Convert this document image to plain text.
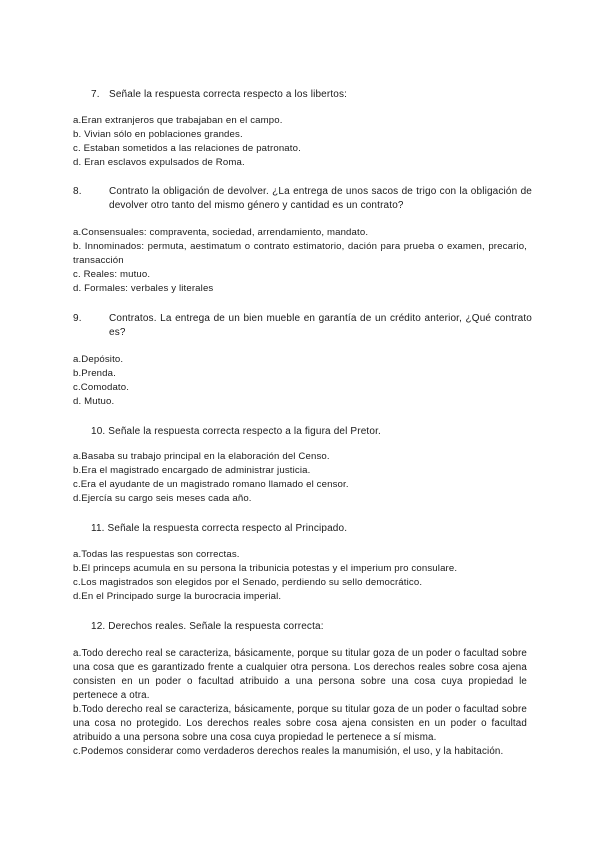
7. Señale la respuesta correcta respecto a los libertos:

a.Eran extranjeros que trabajaban en el campo.
b. Vivian sólo en poblaciones grandes.
c. Estaban sometidos a las relaciones de patronato.
d. Eran esclavos expulsados de Roma.

8.	Contrato la obligación de devolver. ¿La entrega de unos sacos de trigo con la obligación de devolver otro tanto del mismo género y cantidad es un contrato?

a.Consensuales: compraventa, sociedad, arrendamiento, mandato.
b. Innominados: permuta, aestimatum o contrato estimatorio, dación para prueba o examen, precario, transacción
c. Reales: mutuo.
d. Formales: verbales y literales

9.	Contratos. La entrega de un bien mueble en garantía de un crédito anterior, ¿Qué contrato es?

a.Depósito.
b.Prenda.
c.Comodato.
d. Mutuo.

10. Señale la respuesta correcta respecto a la figura del Pretor.

a.Basaba su trabajo principal en la elaboración del Censo.
b.Era el magistrado encargado de administrar justicia.
c.Era el ayudante de un magistrado romano llamado el censor.
d.Ejercía su cargo seis meses cada año.

11. Señale la respuesta correcta respecto al Principado.

a.Todas las respuestas son correctas.
b.El princeps acumula en su persona la tribunicia potestas y el imperium pro consulare.
c.Los magistrados son elegidos por el Senado, perdiendo su sello democrático.
d.En el Principado surge la burocracia imperial.

12. Derechos reales. Señale la respuesta correcta:

a.Todo derecho real se caracteriza, básicamente, porque su titular goza de un poder o facultad sobre una cosa que es garantizado frente a cualquier otra persona. Los derechos reales sobre cosa ajena consisten en un poder o facultad atribuido a una persona sobre una cosa cuya propiedad le pertenece a otra.
b.Todo derecho real se caracteriza, básicamente, porque su titular goza de un poder o facultad sobre una cosa no protegido. Los derechos reales sobre cosa ajena consisten en un poder o facultad atribuido a una persona sobre una cosa cuya propiedad le pertenece a sí misma.
c.Podemos considerar como verdaderos derechos reales la manumisión, el uso, y la habitación.
